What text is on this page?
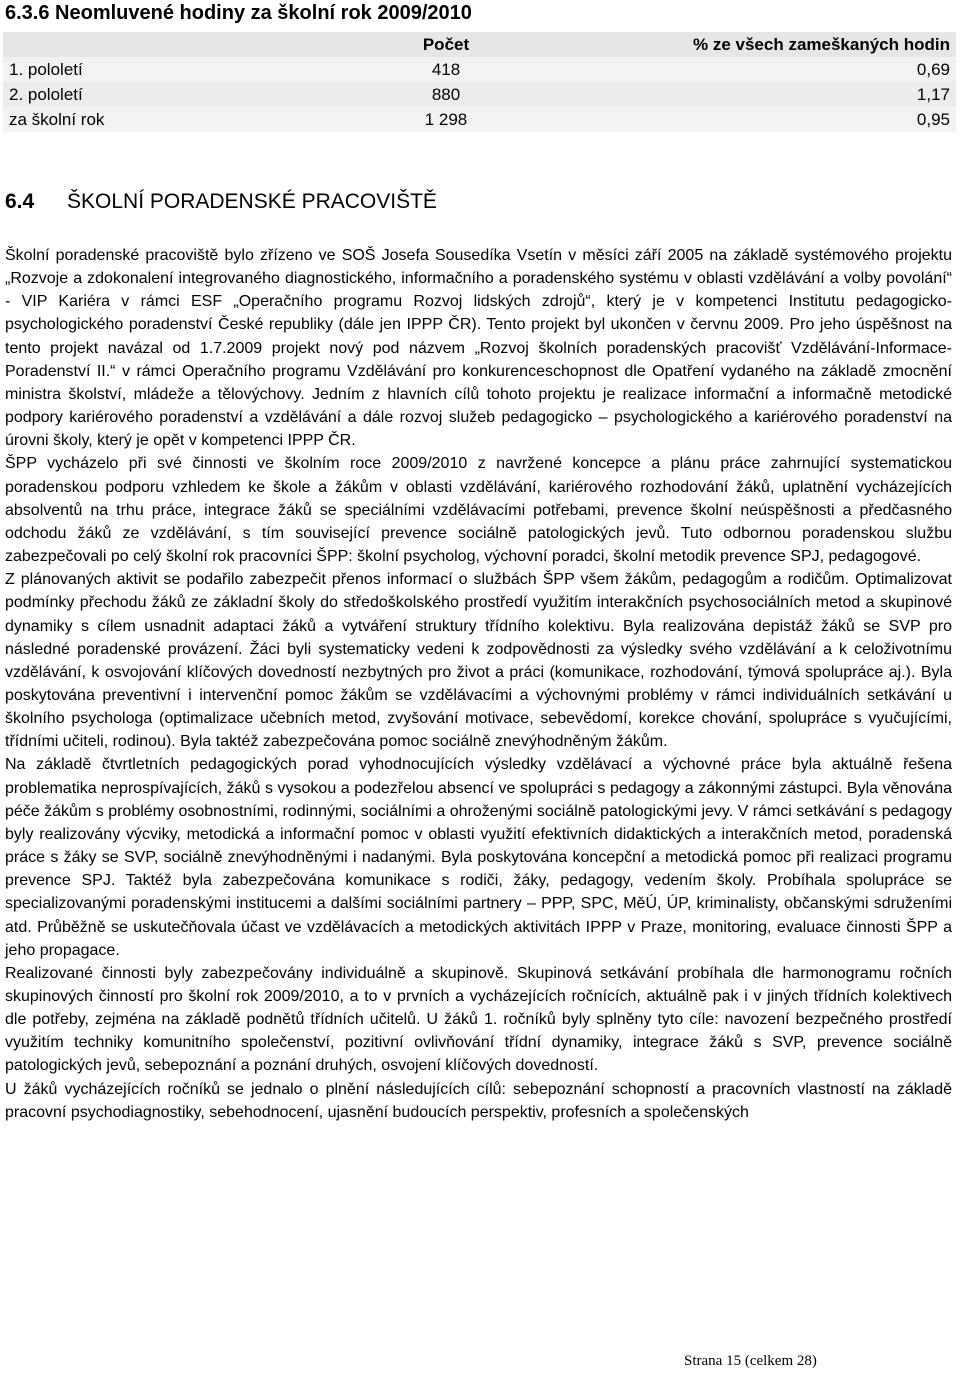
6.3.6 Neomluvené hodiny za školní rok 2009/2010
	Počet	% ze všech zameškaných hodin
1. pololetí	418	0,69
2. pololetí	880	1,17
za školní rok	1 298	0,95
6.4 ŠKOLNÍ PORADENSKÉ PRACOVIŠTĚ

Školní poradenské pracoviště bylo zřízeno ve SOŠ Josefa Sousedíka Vsetín v měsíci září 2005 na základě systémového projektu „Rozvoje a zdokonalení integrovaného diagnostického, informačního a poradenského systému v oblasti vzdělávání a volby povolání“ - VIP Kariéra v rámci ESF „Operačního programu Rozvoj lidských zdrojů“, který je v kompetenci Institutu pedagogicko-psychologického poradenství České republiky (dále jen IPPP ČR). Tento projekt byl ukončen v červnu 2009. Pro jeho úspěšnost na tento projekt navázal od 1.7.2009 projekt nový pod názvem „Rozvoj školních poradenských pracovišť Vzdělávání-Informace-Poradenství II.“ v rámci Operačního programu Vzdělávání pro konkurenceschopnost dle Opatření vydaného na základě zmocnění ministra školství, mládeže a tělovýchovy. Jedním z hlavních cílů tohoto projektu je realizace informační a informačně metodické podpory kariérového poradenství a vzdělávání a dále rozvoj služeb pedagogicko – psychologického a kariérového poradenství na úrovni školy, který je opět v kompetenci IPPP ČR.

ŠPP vycházelo při své činnosti ve školním roce 2009/2010 z navržené koncepce a plánu práce zahrnující systematickou poradenskou podporu vzhledem ke škole a žákům v oblasti vzdělávání, kariérového rozhodování žáků, uplatnění vycházejících absolventů na trhu práce, integrace žáků se speciálními vzdělávacími potřebami, prevence školní neúspěšnosti a předčasného odchodu žáků ze vzdělávání, s tím související prevence sociálně patologických jevů. Tuto odbornou poradenskou službu zabezpečovali po celý školní rok pracovníci ŠPP: školní psycholog, výchovní poradci, školní metodik prevence SPJ, pedagogové.

Z plánovaných aktivit se podařilo zabezpečit přenos informací o službách ŠPP všem žákům, pedagogům a rodičům. Optimalizovat podmínky přechodu žáků ze základní školy do středoškolského prostředí využitím interakčních psychosociálních metod a skupinové dynamiky s cílem usnadnit adaptaci žáků a vytváření struktury třídního kolektivu. Byla realizována depistáž žáků se SVP pro následné poradenské provázení. Žáci byli systematicky vedeni k zodpovědnosti za výsledky svého vzdělávání a k celoživotnímu vzdělávání, k osvojování klíčových dovedností nezbytných pro život a práci (komunikace, rozhodování, týmová spolupráce aj.). Byla poskytována preventivní i intervenční pomoc žákům se vzdělávacími a výchovnými problémy v rámci individuálních setkávání u školního psychologa (optimalizace učebních metod, zvyšování motivace, sebevědomí, korekce chování, spolupráce s vyučujícími, třídními učiteli, rodinou). Byla taktéž zabezpečována pomoc sociálně znevýhodněným žákům.

Na základě čtvrtletních pedagogických porad vyhodnocujících výsledky vzdělávací a výchovné práce byla aktuálně řešena problematika neprospívajících, žáků s vysokou a podezřelou absencí ve spolupráci s pedagogy a zákonnými zástupci. Byla věnována péče žákům s problémy osobnostními, rodinnými, sociálními a ohroženými sociálně patologickými jevy. V rámci setkávání s pedagogy byly realizovány výcviky, metodická a informační pomoc v oblasti využití efektivních didaktických a interakčních metod, poradenská práce s žáky se SVP, sociálně znevýhodněnými i nadanými. Byla poskytována koncepční a metodická pomoc při realizaci programu prevence SPJ. Taktéž byla zabezpečována komunikace s rodiči, žáky, pedagogy, vedením školy. Probíhala spolupráce se specializovanými poradenskými institucemi a dalšími sociálními partnery – PPP, SPC, MěÚ, ÚP, kriminalisty, občanskými sdruženími atd. Průběžně se uskutečňovala účast ve vzdělávacích a metodických aktivitách IPPP v Praze, monitoring, evaluace činnosti ŠPP a jeho propagace.

Realizované činnosti byly zabezpečovány individuálně a skupinově. Skupinová setkávání probíhala dle harmonogramu ročních skupinových činností pro školní rok 2009/2010, a to v prvních a vycházejících ročnících, aktuálně pak i v jiných třídních kolektivech dle potřeby, zejména na základě podnětů třídních učitelů. U žáků 1. ročníků byly splněny tyto cíle: navození bezpečného prostředí využitím techniky komunitního společenství, pozitivní ovlivňování třídní dynamiky, integrace žáků s SVP, prevence sociálně patologických jevů, sebepoznání a poznání druhých, osvojení klíčových dovedností.

U žáků vycházejících ročníků se jednalo o plnění následujících cílů: sebepoznání schopností a pracovních vlastností na základě pracovní psychodiagnostiky, sebehodnocení, ujasnění budoucích perspektiv, profesních a společenských

Strana 15 (celkem 28)
